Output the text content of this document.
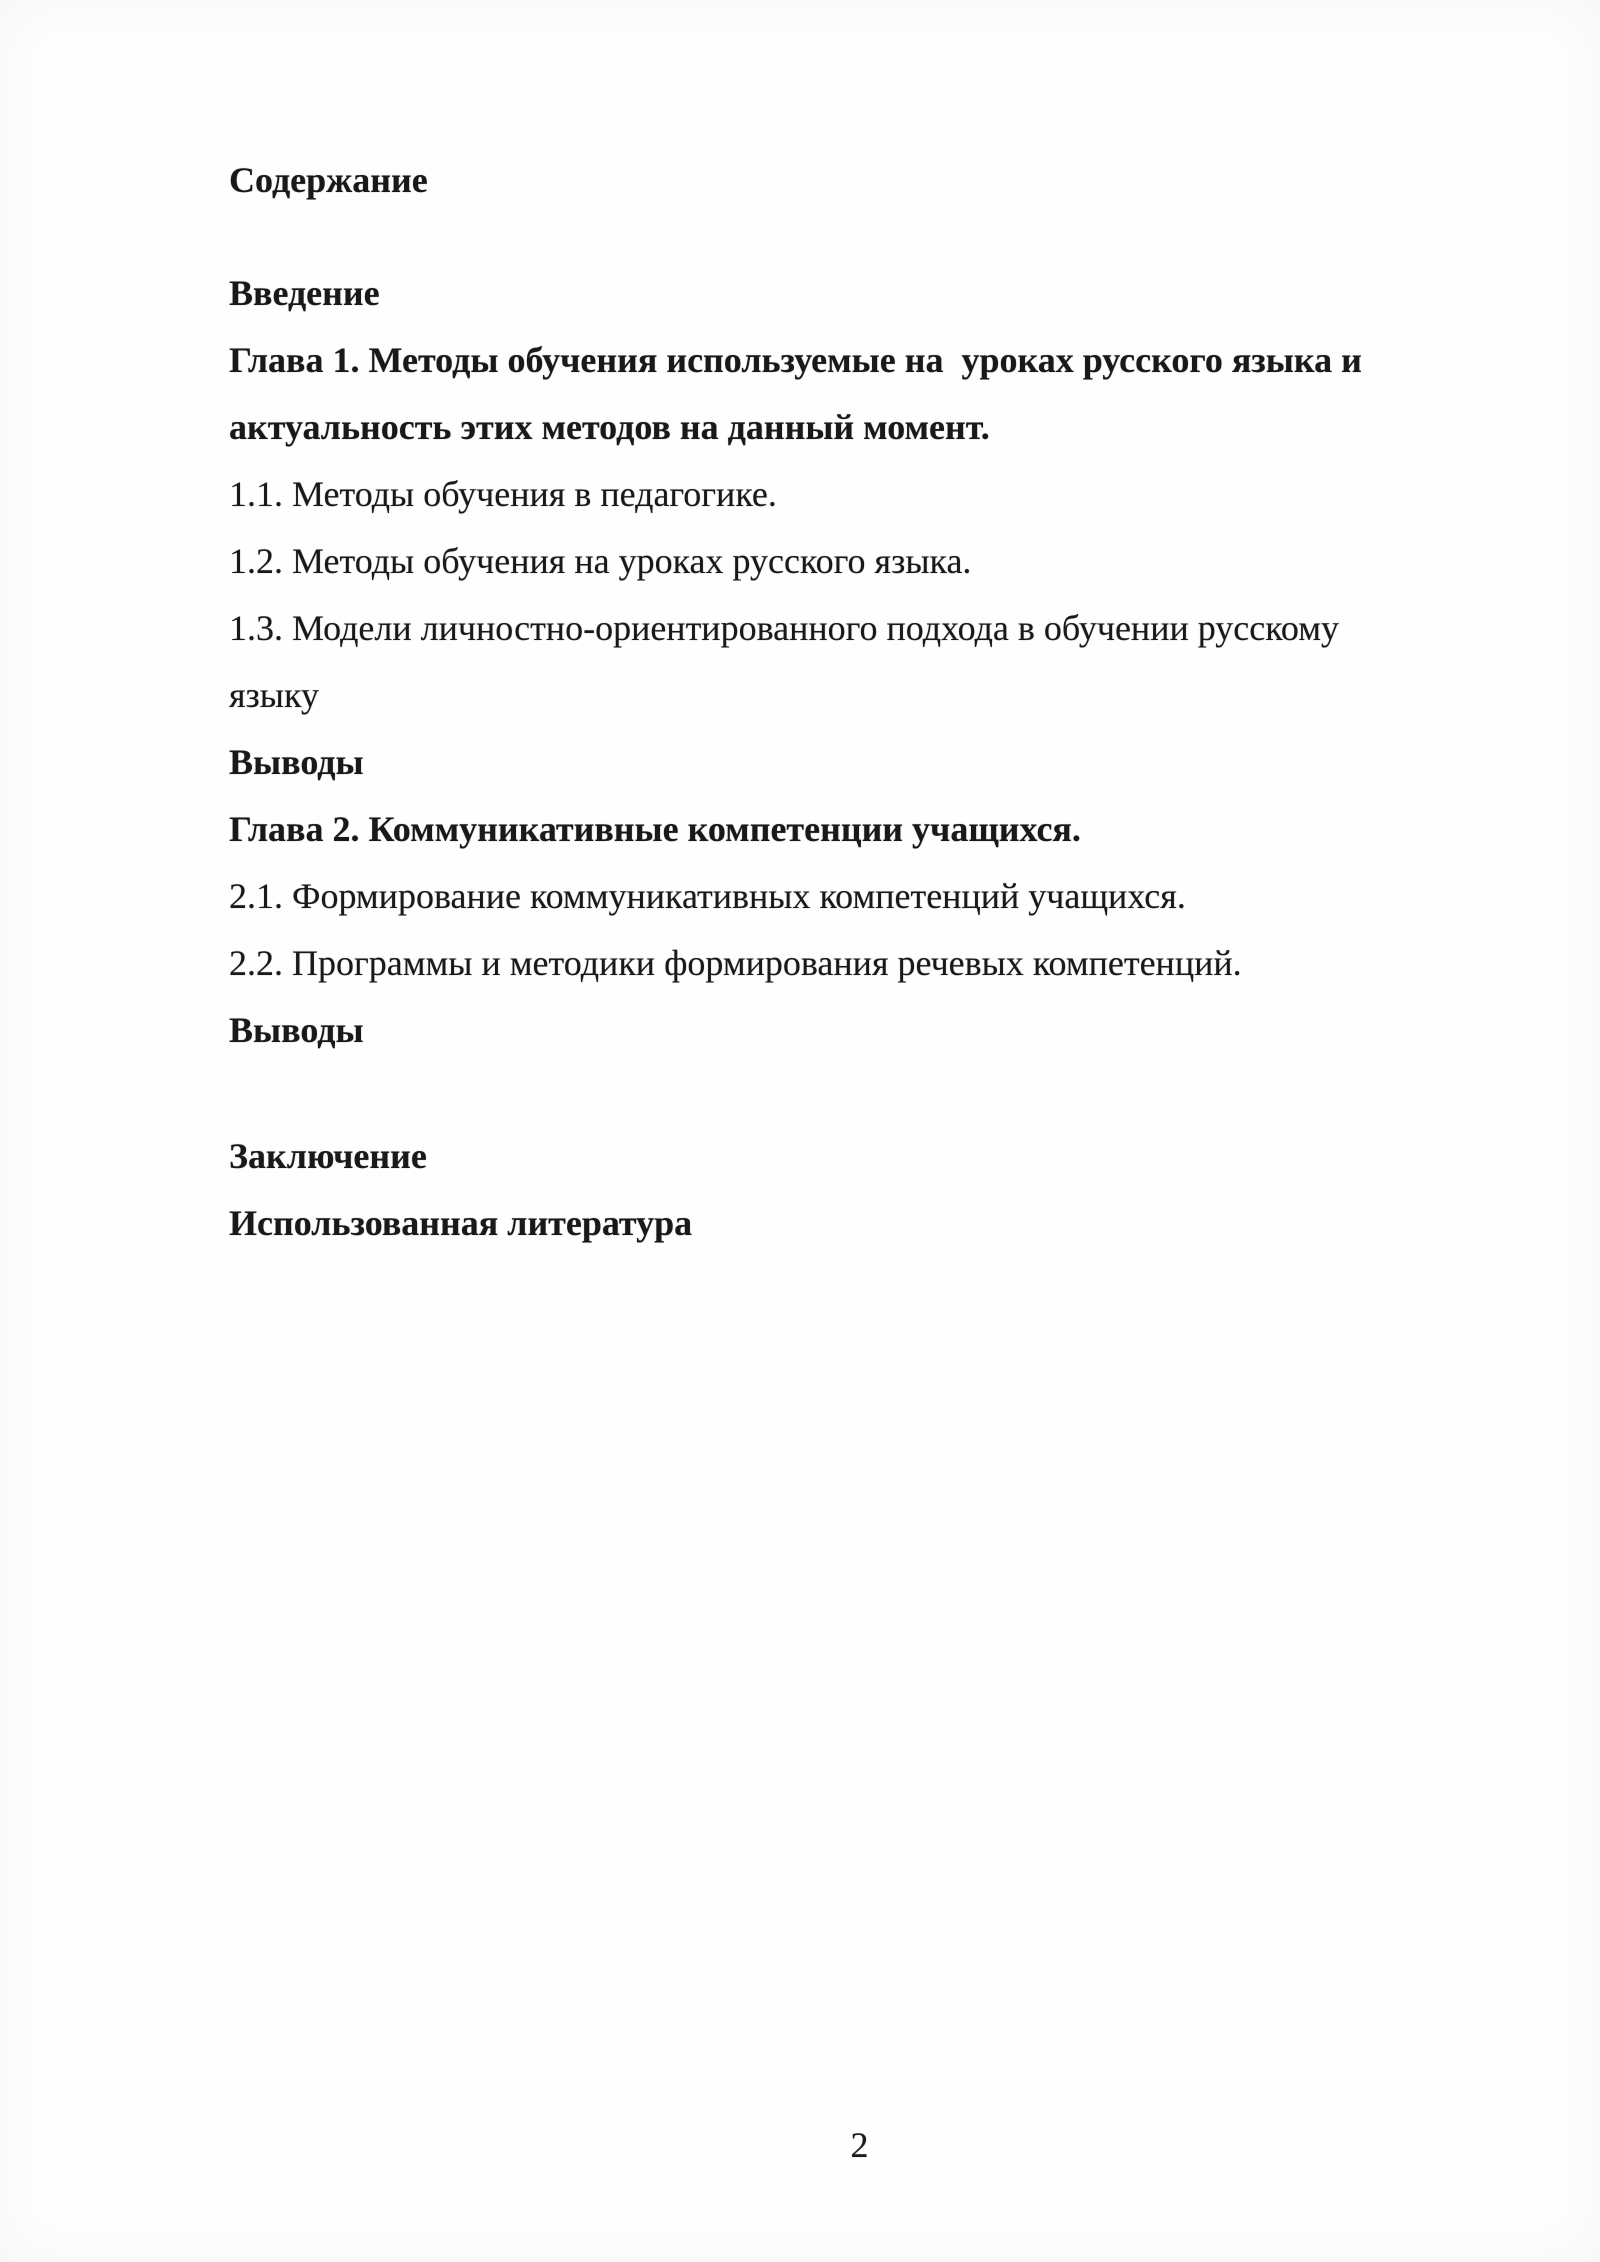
Содержание
Введение
Глава 1. Методы обучения используемые на  уроках русского языка и
актуальность этих методов на данный момент.
1.1. Методы обучения в педагогике.
1.2. Методы обучения на уроках русского языка.
1.3. Модели личностно-ориентированного подхода в обучении русскому
языку
Выводы
Глава 2. Коммуникативные компетенции учащихся.
2.1. Формирование коммуникативных компетенций учащихся.
2.2. Программы и методики формирования речевых компетенций.
Выводы
Заключение
Использованная литература
2
